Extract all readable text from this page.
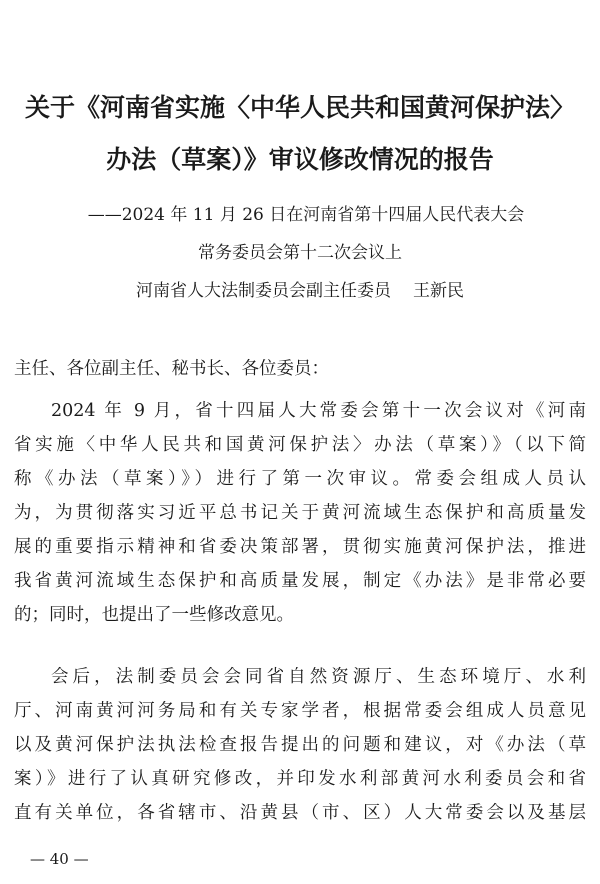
关于《河南省实施〈中华人民共和国黄河保护法〉
办法（草案）》审议修改情况的报告
——2024 年 11 月 26 日在河南省第十四届人民代表大会
常务委员会第十二次会议上
河南省人大法制委员会副主任委员 王新民
主任、各位副主任、秘书长、各位委员：
2024 年 9 月，省十四届人大常委会第十一次会议对《河南
省实施〈中华人民共和国黄河保护法〉办法（草案）》（以下简
称《办法（草案）》）进行了第一次审议。常委会组成人员认
为，为贯彻落实习近平总书记关于黄河流域生态保护和高质量发
展的重要指示精神和省委决策部署，贯彻实施黄河保护法，推进
我省黄河流域生态保护和高质量发展，制定《办法》是非常必要
的；同时，也提出了一些修改意见。
会后，法制委员会会同省自然资源厅、生态环境厅、水利
厅、河南黄河河务局和有关专家学者，根据常委会组成人员意见
以及黄河保护法执法检查报告提出的问题和建议，对《办法（草
案）》进行了认真研究修改，并印发水利部黄河水利委员会和省
直有关单位，各省辖市、沿黄县（市、区）人大常委会以及基层
— 40 —
